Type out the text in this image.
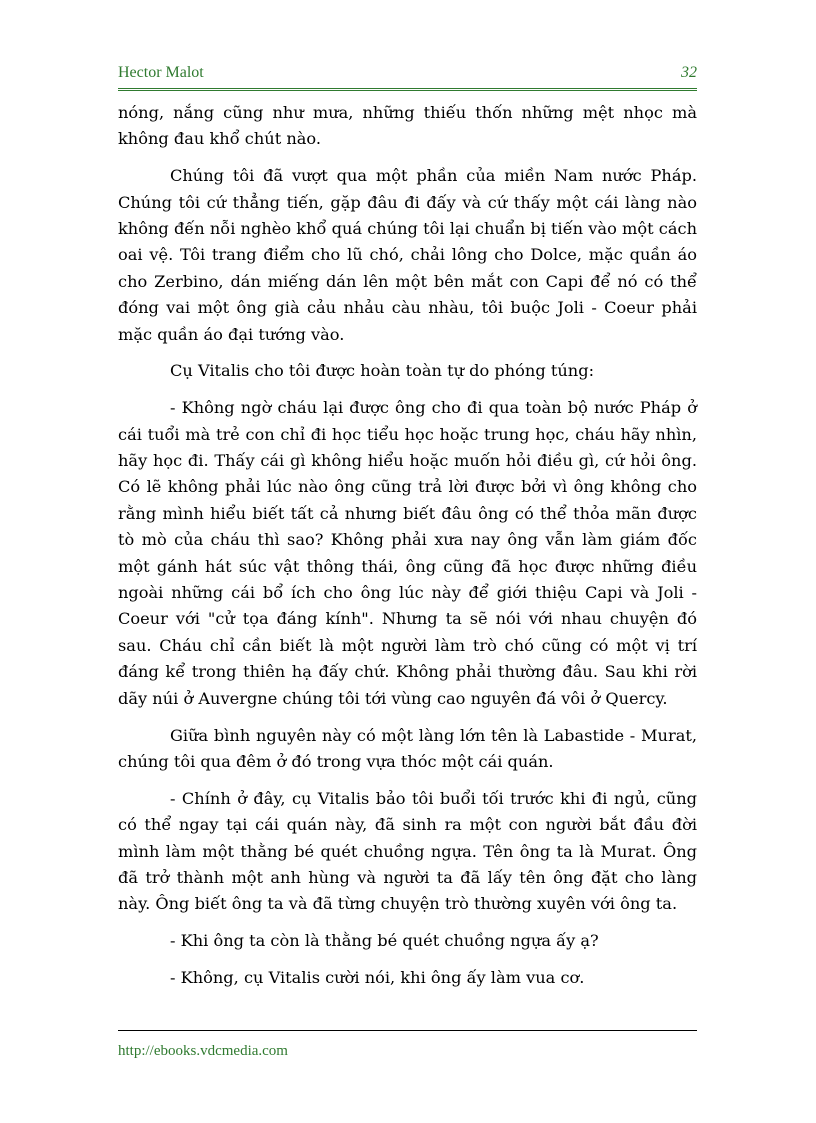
Hector Malot	32

nóng, nắng cũng như mưa, những thiếu thốn những mệt nhọc mà không đau khổ chút nào.

Chúng tôi đã vượt qua một phần của miền Nam nước Pháp. Chúng tôi cứ thẳng tiến, gặp đâu đi đấy và cứ thấy một cái làng nào không đến nỗi nghèo khổ quá chúng tôi lại chuẩn bị tiến vào một cách oai vệ. Tôi trang điểm cho lũ chó, chải lông cho Dolce, mặc quần áo cho Zerbino, dán miếng dán lên một bên mắt con Capi để nó có thể đóng vai một ông già cảu nhảu càu nhàu, tôi buộc Joli - Coeur phải mặc quần áo đại tướng vào.

Cụ Vitalis cho tôi được hoàn toàn tự do phóng túng:

- Không ngờ cháu lại được ông cho đi qua toàn bộ nước Pháp ở cái tuổi mà trẻ con chỉ đi học tiểu học hoặc trung học, cháu hãy nhìn, hãy học đi. Thấy cái gì không hiểu hoặc muốn hỏi điều gì, cứ hỏi ông. Có lẽ không phải lúc nào ông cũng trả lời được bởi vì ông không cho rằng mình hiểu biết tất cả nhưng biết đâu ông có thể thỏa mãn được tò mò của cháu thì sao? Không phải xưa nay ông vẫn làm giám đốc một gánh hát súc vật thông thái, ông cũng đã học được những điều ngoài những cái bổ ích cho ông lúc này để giới thiệu Capi và Joli - Coeur với "cử tọa đáng kính". Nhưng ta sẽ nói với nhau chuyện đó sau. Cháu chỉ cần biết là một người làm trò chó cũng có một vị trí đáng kể trong thiên hạ đấy chứ. Không phải thường đâu. Sau khi rời dãy núi ở Auvergne chúng tôi tới vùng cao nguyên đá vôi ở Quercy.

Giữa bình nguyên này có một làng lớn tên là Labastide - Murat, chúng tôi qua đêm ở đó trong vựa thóc một cái quán.

- Chính ở đây, cụ Vitalis bảo tôi buổi tối trước khi đi ngủ, cũng có thể ngay tại cái quán này, đã sinh ra một con người bắt đầu đời mình làm một thằng bé quét chuồng ngựa. Tên ông ta là Murat. Ông đã trở thành một anh hùng và người ta đã lấy tên ông đặt cho làng này. Ông biết ông ta và đã từng chuyện trò thường xuyên với ông ta.

- Khi ông ta còn là thằng bé quét chuồng ngựa ấy ạ?

- Không, cụ Vitalis cười nói, khi ông ấy làm vua cơ.

http://ebooks.vdcmedia.com
